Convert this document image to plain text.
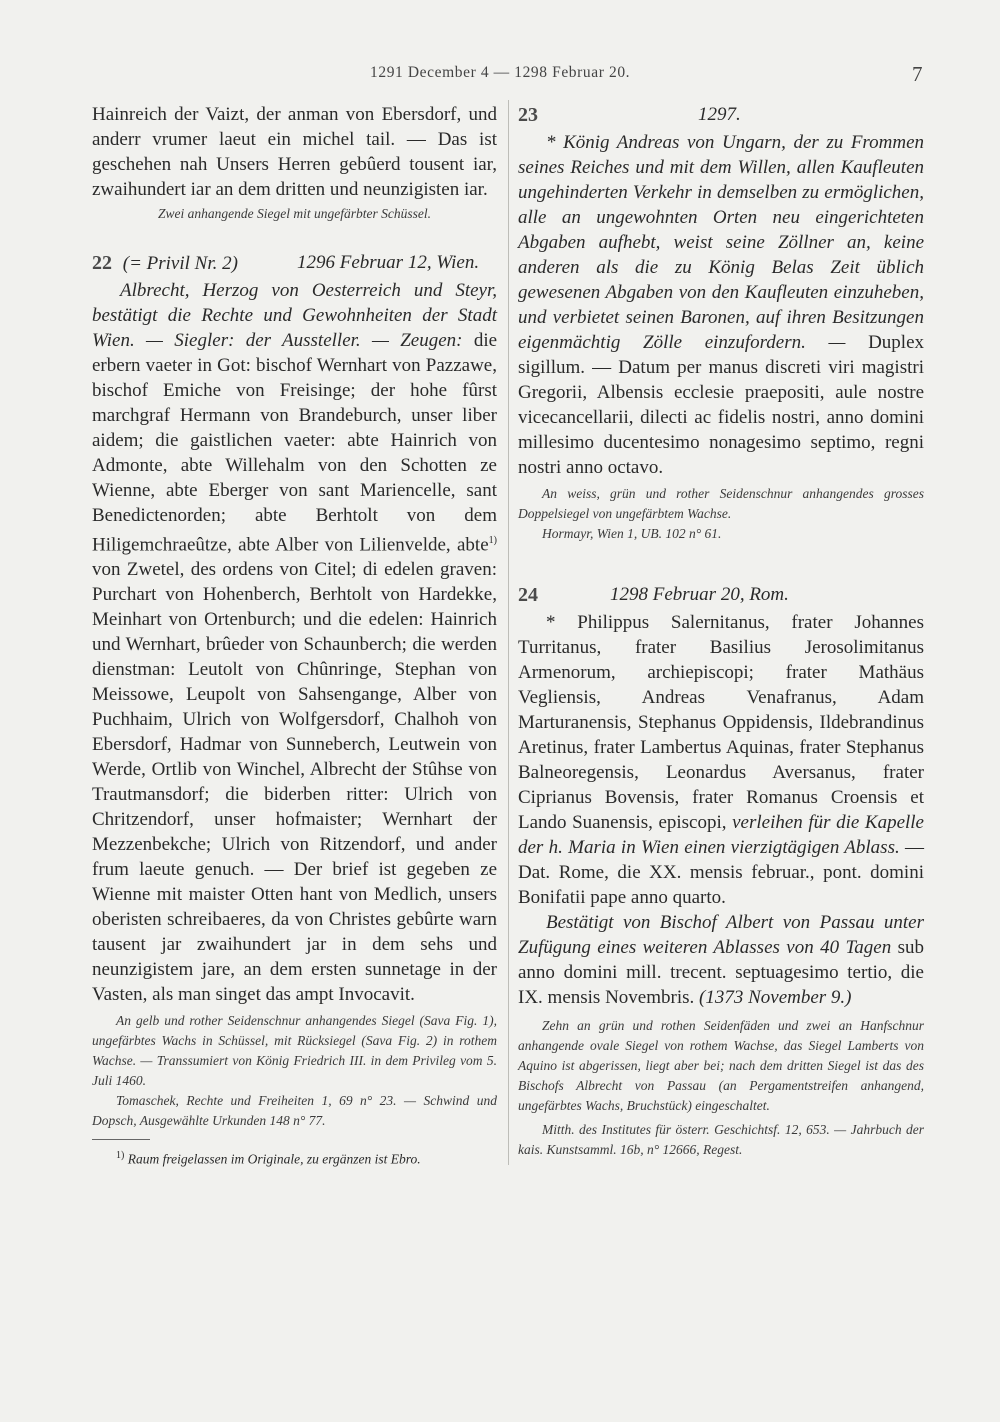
1291 December 4 — 1298 Februar 20.	7

Hainreich der Vaizt, der anman von Ebersdorf, und anderr vrumer laeut ein michel tail. — Das ist geschehen nah Unsers Herren gebûerd tousent iar, zwaihundert iar an dem dritten und neunzigisten iar.

Zwei anhangende Siegel mit ungefärbter Schüssel.

22 (= Privil Nr. 2)	1296 Februar 12, Wien.

Albrecht, Herzog von Oesterreich und Steyr, bestätigt die Rechte und Gewohnheiten der Stadt Wien. — Siegler: der Aussteller. — Zeugen: die erbern vaeter in Got: bischof Wernhart von Pazzawe, bischof Emiche von Freisinge; der hohe fûrst marchgraf Hermann von Brandeburch, unser liber aidem; die gaistlichen vaeter: abte Hainrich von Admonte, abte Willehalm von den Schotten ze Wienne, abte Eberger von sant Mariencelle, sant Benedictenorden; abte Berhtolt von dem Hiligemchraeûtze, abte Alber von Lilienvelde, abte$^{1)}$ von Zwetel, des ordens von Citel; di edelen graven: Purchart von Hohenberch, Berhtolt von Hardekke, Meinhart von Ortenburch; und die edelen: Hainrich und Wernhart, brûeder von Schaunberch; die werden dienstman: Leutolt von Chûnringe, Stephan von Meissowe, Leupolt von Sahsengange, Alber von Puchhaim, Ulrich von Wolfgersdorf, Chalhoh von Ebersdorf, Hadmar von Sunneberch, Leutwein von Werde, Ortlib von Winchel, Albrecht der Stûhse von Trautmansdorf; die biderben ritter: Ulrich von Chritzendorf, unser hofmaister; Wernhart der Mezzenbekche; Ulrich von Ritzendorf, und ander frum laeute genuch. — Der brief ist gegeben ze Wienne mit maister Otten hant von Medlich, unsers oberisten schreibaeres, da von Christes gebûrte warn tausent jar zwaihundert jar in dem sehs und neunzigistem jare, an dem ersten sunnetage in der Vasten, als man singet das ampt Invocavit.

An gelb und rother Seidenschnur anhangendes Siegel (Sava Fig. 1), ungefärbtes Wachs in Schüssel, mit Rücksiegel (Sava Fig. 2) in rothem Wachse. — Transsumiert von König Friedrich III. in dem Privileg vom 5. Juli 1460.

Tomaschek, Rechte und Freiheiten 1, 69 n° 23. — Schwind und Dopsch, Ausgewählte Urkunden 148 n° 77.

$^{1)}$ Raum freigelassen im Originale, zu ergänzen ist Ebro.

23	1297.

* König Andreas von Ungarn, der zu Frommen seines Reiches und mit dem Willen, allen Kaufleuten ungehinderten Verkehr in demselben zu ermöglichen, alle an ungewohnten Orten neu eingerichteten Abgaben aufhebt, weist seine Zöllner an, keine anderen als die zu König Belas Zeit üblich gewesenen Abgaben von den Kaufleuten einzuheben, und verbietet seinen Baronen, auf ihren Besitzungen eigenmächtig Zölle einzufordern. — Duplex sigillum. — Datum per manus discreti viri magistri Gregorii, Albensis ecclesie praepositi, aule nostre vicecancellarii, dilecti ac fidelis nostri, anno domini millesimo ducentesimo nonagesimo septimo, regni nostri anno octavo.

An weiss, grün und rother Seidenschnur anhangendes grosses Doppelsiegel von ungefärbtem Wachse.

Hormayr, Wien 1, UB. 102 n° 61.

24	1298 Februar 20, Rom.

* Philippus Salernitanus, frater Johannes Turritanus, frater Basilius Jerosolimitanus Armenorum, archiepiscopi; frater Mathäus Vegliensis, Andreas Venafranus, Adam Marturanensis, Stephanus Oppidensis, Ildebrandinus Aretinus, frater Lambertus Aquinas, frater Stephanus Balneoregensis, Leonardus Aversanus, frater Ciprianus Bovensis, frater Romanus Croensis et Lando Suanensis, episcopi, verleihen für die Kapelle der h. Maria in Wien einen vierzigtägigen Ablass. — Dat. Rome, die XX. mensis februar., pont. domini Bonifatii pape anno quarto.

Bestätigt von Bischof Albert von Passau unter Zufügung eines weiteren Ablasses von 40 Tagen sub anno domini mill. trecent. septuagesimo tertio, die IX. mensis Novembris. (1373 November 9.)

Zehn an grün und rothen Seidenfäden und zwei an Hanfschnur anhangende ovale Siegel von rothem Wachse, das Siegel Lamberts von Aquino ist abgerissen, liegt aber bei; nach dem dritten Siegel ist das des Bischofs Albrecht von Passau (an Pergamentstreifen anhangend, ungefärbtes Wachs, Bruchstück) eingeschaltet.

Mitth. des Institutes für österr. Geschichtsf. 12, 653. — Jahrbuch der kais. Kunstsamml. 16b, n° 12666, Regest.
